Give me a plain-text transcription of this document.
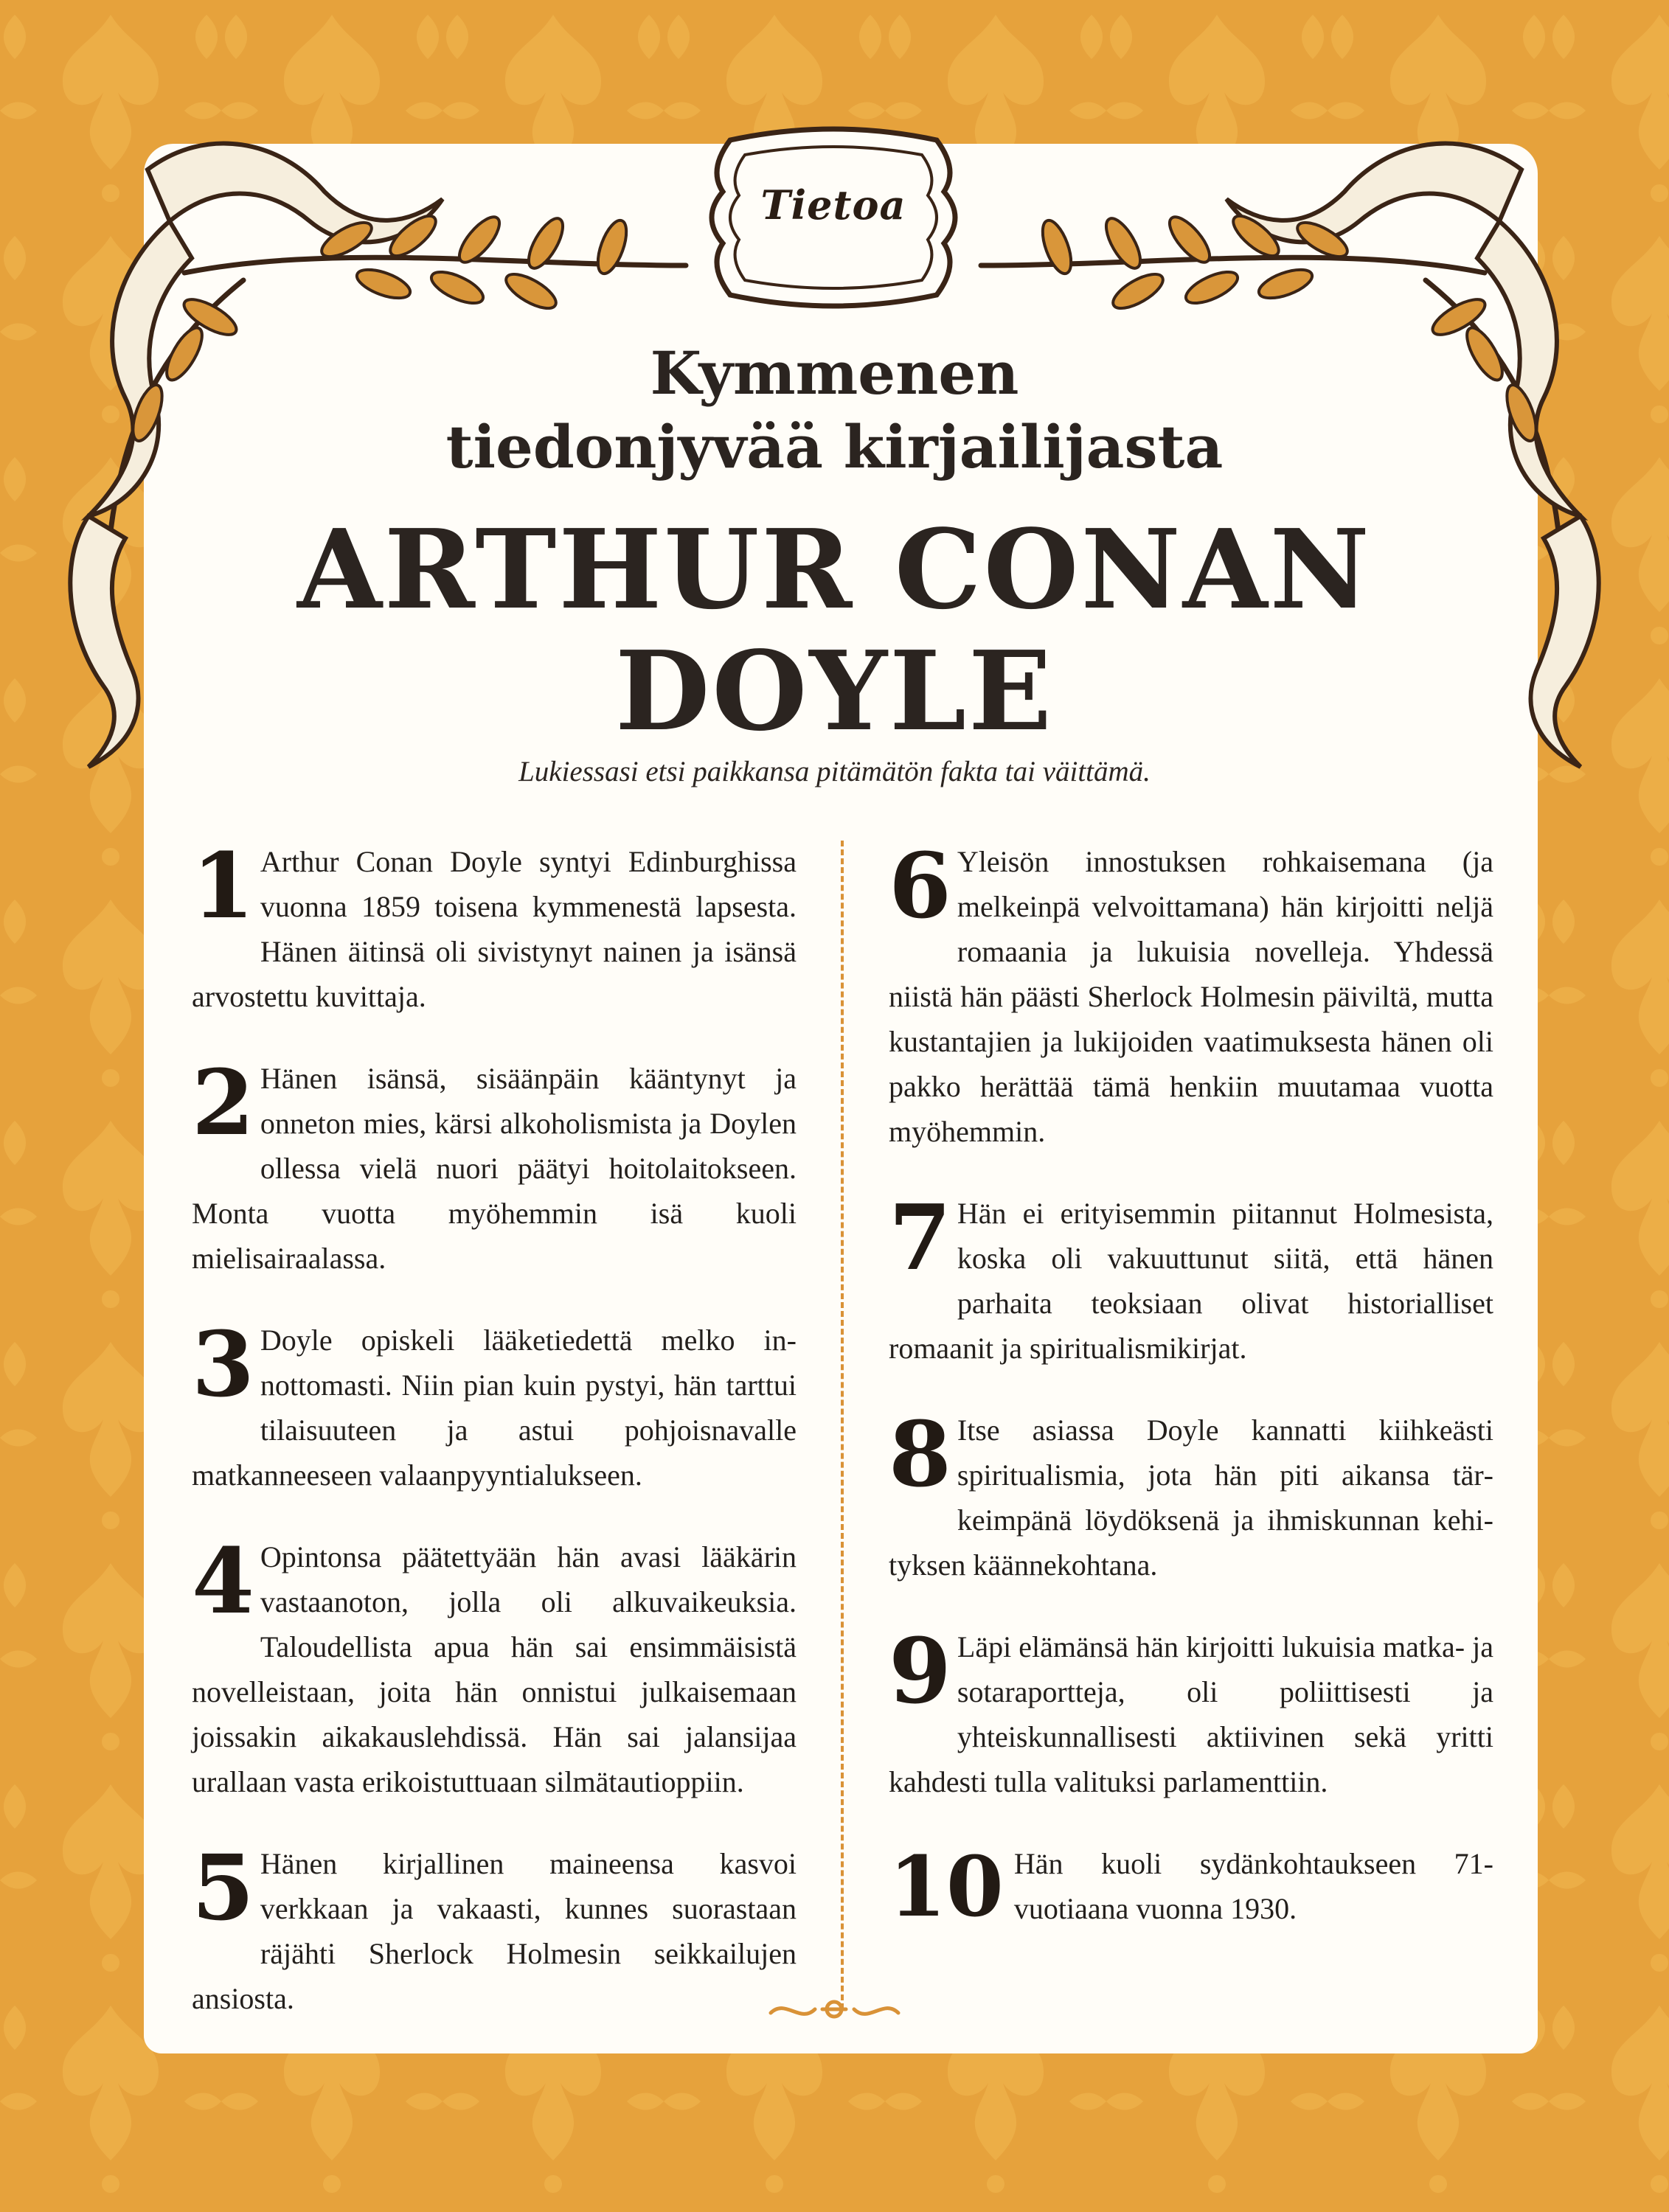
Tietoa
Kymmenen
tiedonjyvää kirjailijasta
ARTHUR CONAN
DOYLE
Lukiessasi etsi paikkansa pitämätön fakta tai väittämä.
1 Arthur Conan Doyle syntyi Edinburghissa vuonna 1859 toisena kymmenestä lapsesta. Hänen äitinsä oli sivistynyt nainen ja isänsä arvostettu kuvittaja.
2 Hänen isänsä, sisäänpäin kääntynyt ja onneton mies, kärsi alkoholismista ja Doylen ollessa vielä nuori päätyi hoitolaitokseen. Monta vuotta myöhemmin isä kuoli mielisairaalassa.
3 Doyle opiskeli lääketiedettä melko innottomasti. Niin pian kuin pystyi, hän tarttui tilaisuuteen ja astui pohjoisnavalle matkanneeseen valaanpyyntialukseen.
4 Opintonsa päätettyään hän avasi lääkärin vastaanoton, jolla oli alkuvaikeuksia. Taloudellista apua hän sai ensimmäisistä novelleistaan, joita hän onnistui julkaisemaan joissakin aikakauslehdissä. Hän sai jalansijaa urallaan vasta erikoistuttuaan silmätautioppiin.
5 Hänen kirjallinen maineensa kasvoi verkkaan ja vakaasti, kunnes suorastaan räjähti Sherlock Holmesin seikkailujen ansiosta.
6 Yleisön innostuksen rohkaisemana (ja melkeinpä velvoittamana) hän kirjoitti neljä romaania ja lukuisia novelleja. Yhdessä niistä hän päästi Sherlock Holmesin päiviltä, mutta kustantajien ja lukijoiden vaatimuksesta hänen oli pakko herättää tämä henkiin muutamaa vuotta myöhemmin.
7 Hän ei erityisemmin piitannut Holmesista, koska oli vakuuttunut siitä, että hänen parhaita teoksiaan olivat historialliset romaanit ja spiritualismikirjat.
8 Itse asiassa Doyle kannatti kiihkeästi spiritualismia, jota hän piti aikansa tärkeimpänä löydöksenä ja ihmiskunnan kehityksen käännekohtana.
9 Läpi elämänsä hän kirjoitti lukuisia matka- ja sotaraportteja, oli poliittisesti ja yhteiskunnallisesti aktiivinen sekä yritti kahdesti tulla valituksi parlamenttiin.
10 Hän kuoli sydänkohtaukseen 71-vuotiaana vuonna 1930.
